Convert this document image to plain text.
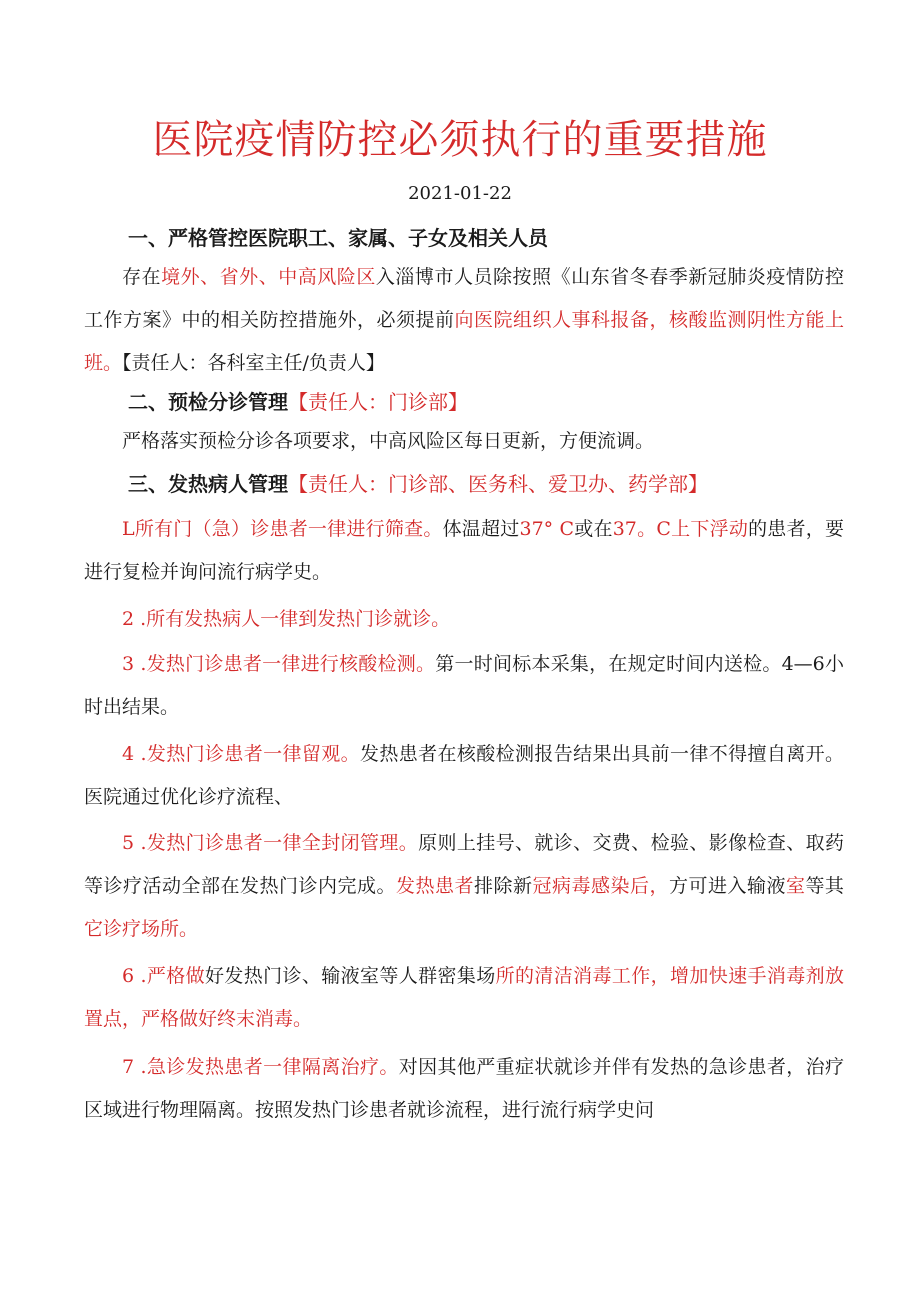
医院疫情防控必须执行的重要措施
2021-01-22
一、严格管控医院职工、家属、子女及相关人员
存在境外、省外、中高风险区入淄博市人员除按照《山东省冬春季新冠肺炎疫情防控工作方案》中的相关防控措施外，必须提前向医院组织人事科报备，核酸监测阴性方能上班。【责任人：各科室主任/负责人】
二、预检分诊管理【责任人：门诊部】
严格落实预检分诊各项要求，中高风险区每日更新，方便流调。
三、发热病人管理【责任人：门诊部、医务科、爱卫办、药学部】
L所有门（急）诊患者一律进行筛查。体温超过37° C或在37。C上下浮动的患者，要进行复检并询问流行病学史。
2 .所有发热病人一律到发热门诊就诊。
3 .发热门诊患者一律进行核酸检测。第一时间标本采集，在规定时间内送检。4—6小时出结果。
4 .发热门诊患者一律留观。发热患者在核酸检测报告结果出具前一律不得擅自离开。医院通过优化诊疗流程、
5 .发热门诊患者一律全封闭管理。原则上挂号、就诊、交费、检验、影像检查、取药等诊疗活动全部在发热门诊内完成。发热患者排除新冠病毒感染后，方可进入输液室等其它诊疗场所。
6 .严格做好发热门诊、输液室等人群密集场所的清洁消毒工作，增加快速手消毒剂放置点，严格做好终末消毒。
7 .急诊发热患者一律隔离治疗。对因其他严重症状就诊并伴有发热的急诊患者，治疗区域进行物理隔离。按照发热门诊患者就诊流程，进行流行病学史问
